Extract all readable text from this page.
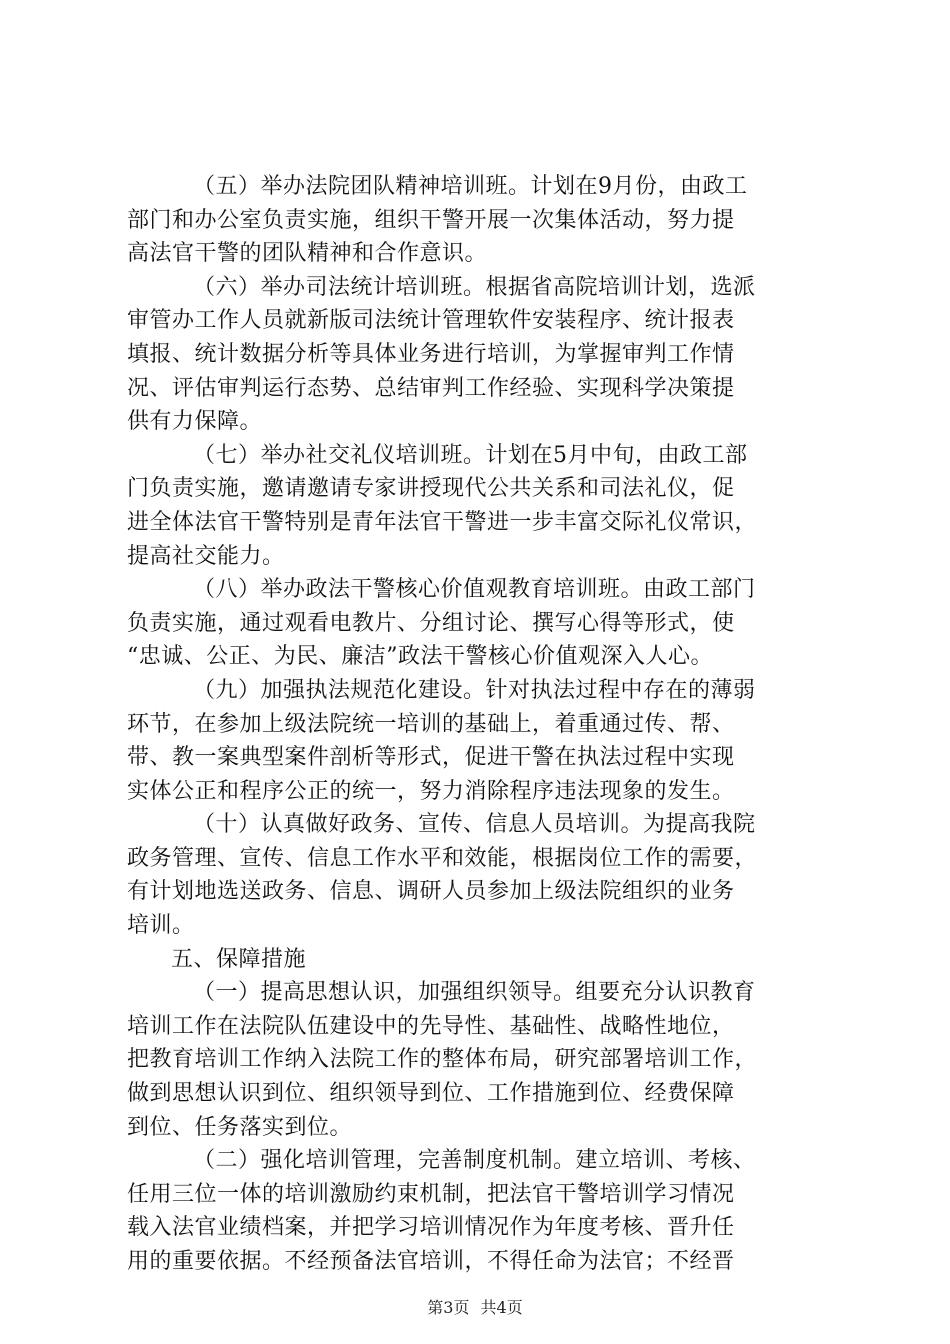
（五）举办法院团队精神培训班。计划在9月份，由政工
部门和办公室负责实施，组织干警开展一次集体活动，努力提
高法官干警的团队精神和合作意识。
（六）举办司法统计培训班。根据省高院培训计划，选派
审管办工作人员就新版司法统计管理软件安装程序、统计报表
填报、统计数据分析等具体业务进行培训，为掌握审判工作情
况、评估审判运行态势、总结审判工作经验、实现科学决策提
供有力保障。
（七）举办社交礼仪培训班。计划在5月中旬，由政工部
门负责实施，邀请邀请专家讲授现代公共关系和司法礼仪，促
进全体法官干警特别是青年法官干警进一步丰富交际礼仪常识，
提高社交能力。
（八）举办政法干警核心价值观教育培训班。由政工部门
负责实施，通过观看电教片、分组讨论、撰写心得等形式，使
“忠诚、公正、为民、廉洁”政法干警核心价值观深入人心。
（九）加强执法规范化建设。针对执法过程中存在的薄弱
环节，在参加上级法院统一培训的基础上，着重通过传、帮、
带、教一案典型案件剖析等形式，促进干警在执法过程中实现
实体公正和程序公正的统一，努力消除程序违法现象的发生。
（十）认真做好政务、宣传、信息人员培训。为提高我院
政务管理、宣传、信息工作水平和效能，根据岗位工作的需要，
有计划地选送政务、信息、调研人员参加上级法院组织的业务
培训。
五、保障措施
（一）提高思想认识，加强组织领导。组要充分认识教育
培训工作在法院队伍建设中的先导性、基础性、战略性地位，
把教育培训工作纳入法院工作的整体布局，研究部署培训工作，
做到思想认识到位、组织领导到位、工作措施到位、经费保障
到位、任务落实到位。
（二）强化培训管理，完善制度机制。建立培训、考核、
任用三位一体的培训激励约束机制，把法官干警培训学习情况
载入法官业绩档案，并把学习培训情况作为年度考核、晋升任
用的重要依据。不经预备法官培训，不得任命为法官；不经晋
第3页 共4页
